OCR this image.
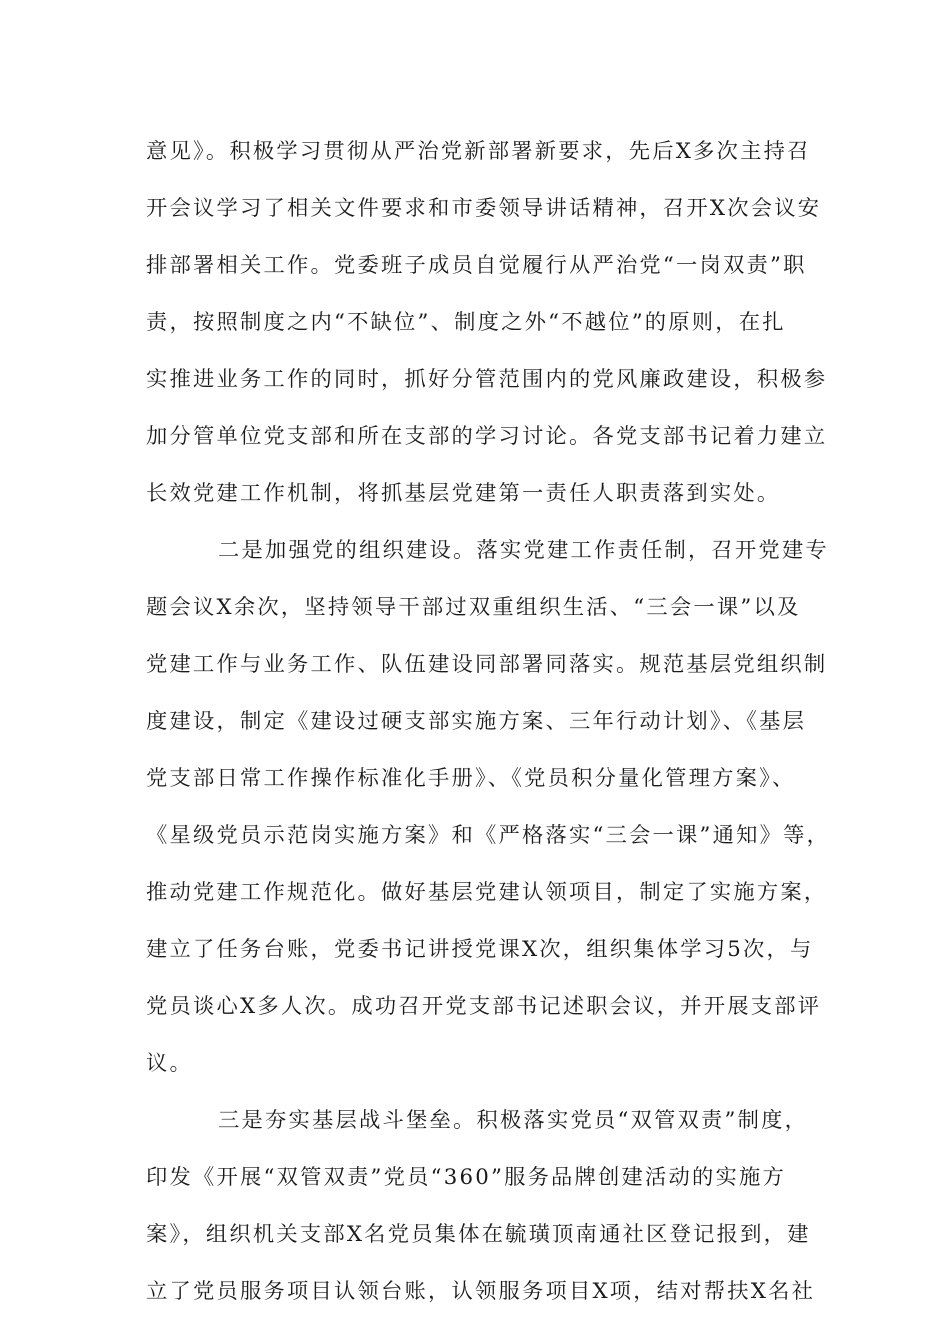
意见》。积极学习贯彻从严治党新部署新要求，先后X多次主持召
开会议学习了相关文件要求和市委领导讲话精神，召开X次会议安
排部署相关工作。党委班子成员自觉履行从严治党“一岗双责”职
责，按照制度之内“不缺位”、制度之外“不越位”的原则，在扎
实推进业务工作的同时，抓好分管范围内的党风廉政建设，积极参
加分管单位党支部和所在支部的学习讨论。各党支部书记着力建立
长效党建工作机制，将抓基层党建第一责任人职责落到实处。
二是加强党的组织建设。落实党建工作责任制，召开党建专
题会议X余次，坚持领导干部过双重组织生活、“三会一课”以及
党建工作与业务工作、队伍建设同部署同落实。规范基层党组织制
度建设，制定《建设过硬支部实施方案、三年行动计划》、《基层
党支部日常工作操作标准化手册》、《党员积分量化管理方案》、
《星级党员示范岗实施方案》和《严格落实“三会一课”通知》等，
推动党建工作规范化。做好基层党建认领项目，制定了实施方案，
建立了任务台账，党委书记讲授党课X次，组织集体学习5次，与
党员谈心X多人次。成功召开党支部书记述职会议，并开展支部评
议。
三是夯实基层战斗堡垒。积极落实党员“双管双责”制度，
印发《开展“双管双责”党员“360”服务品牌创建活动的实施方
案》，组织机关支部X名党员集体在毓璜顶南通社区登记报到，建
立了党员服务项目认领台账，认领服务项目X项，结对帮扶X名社
